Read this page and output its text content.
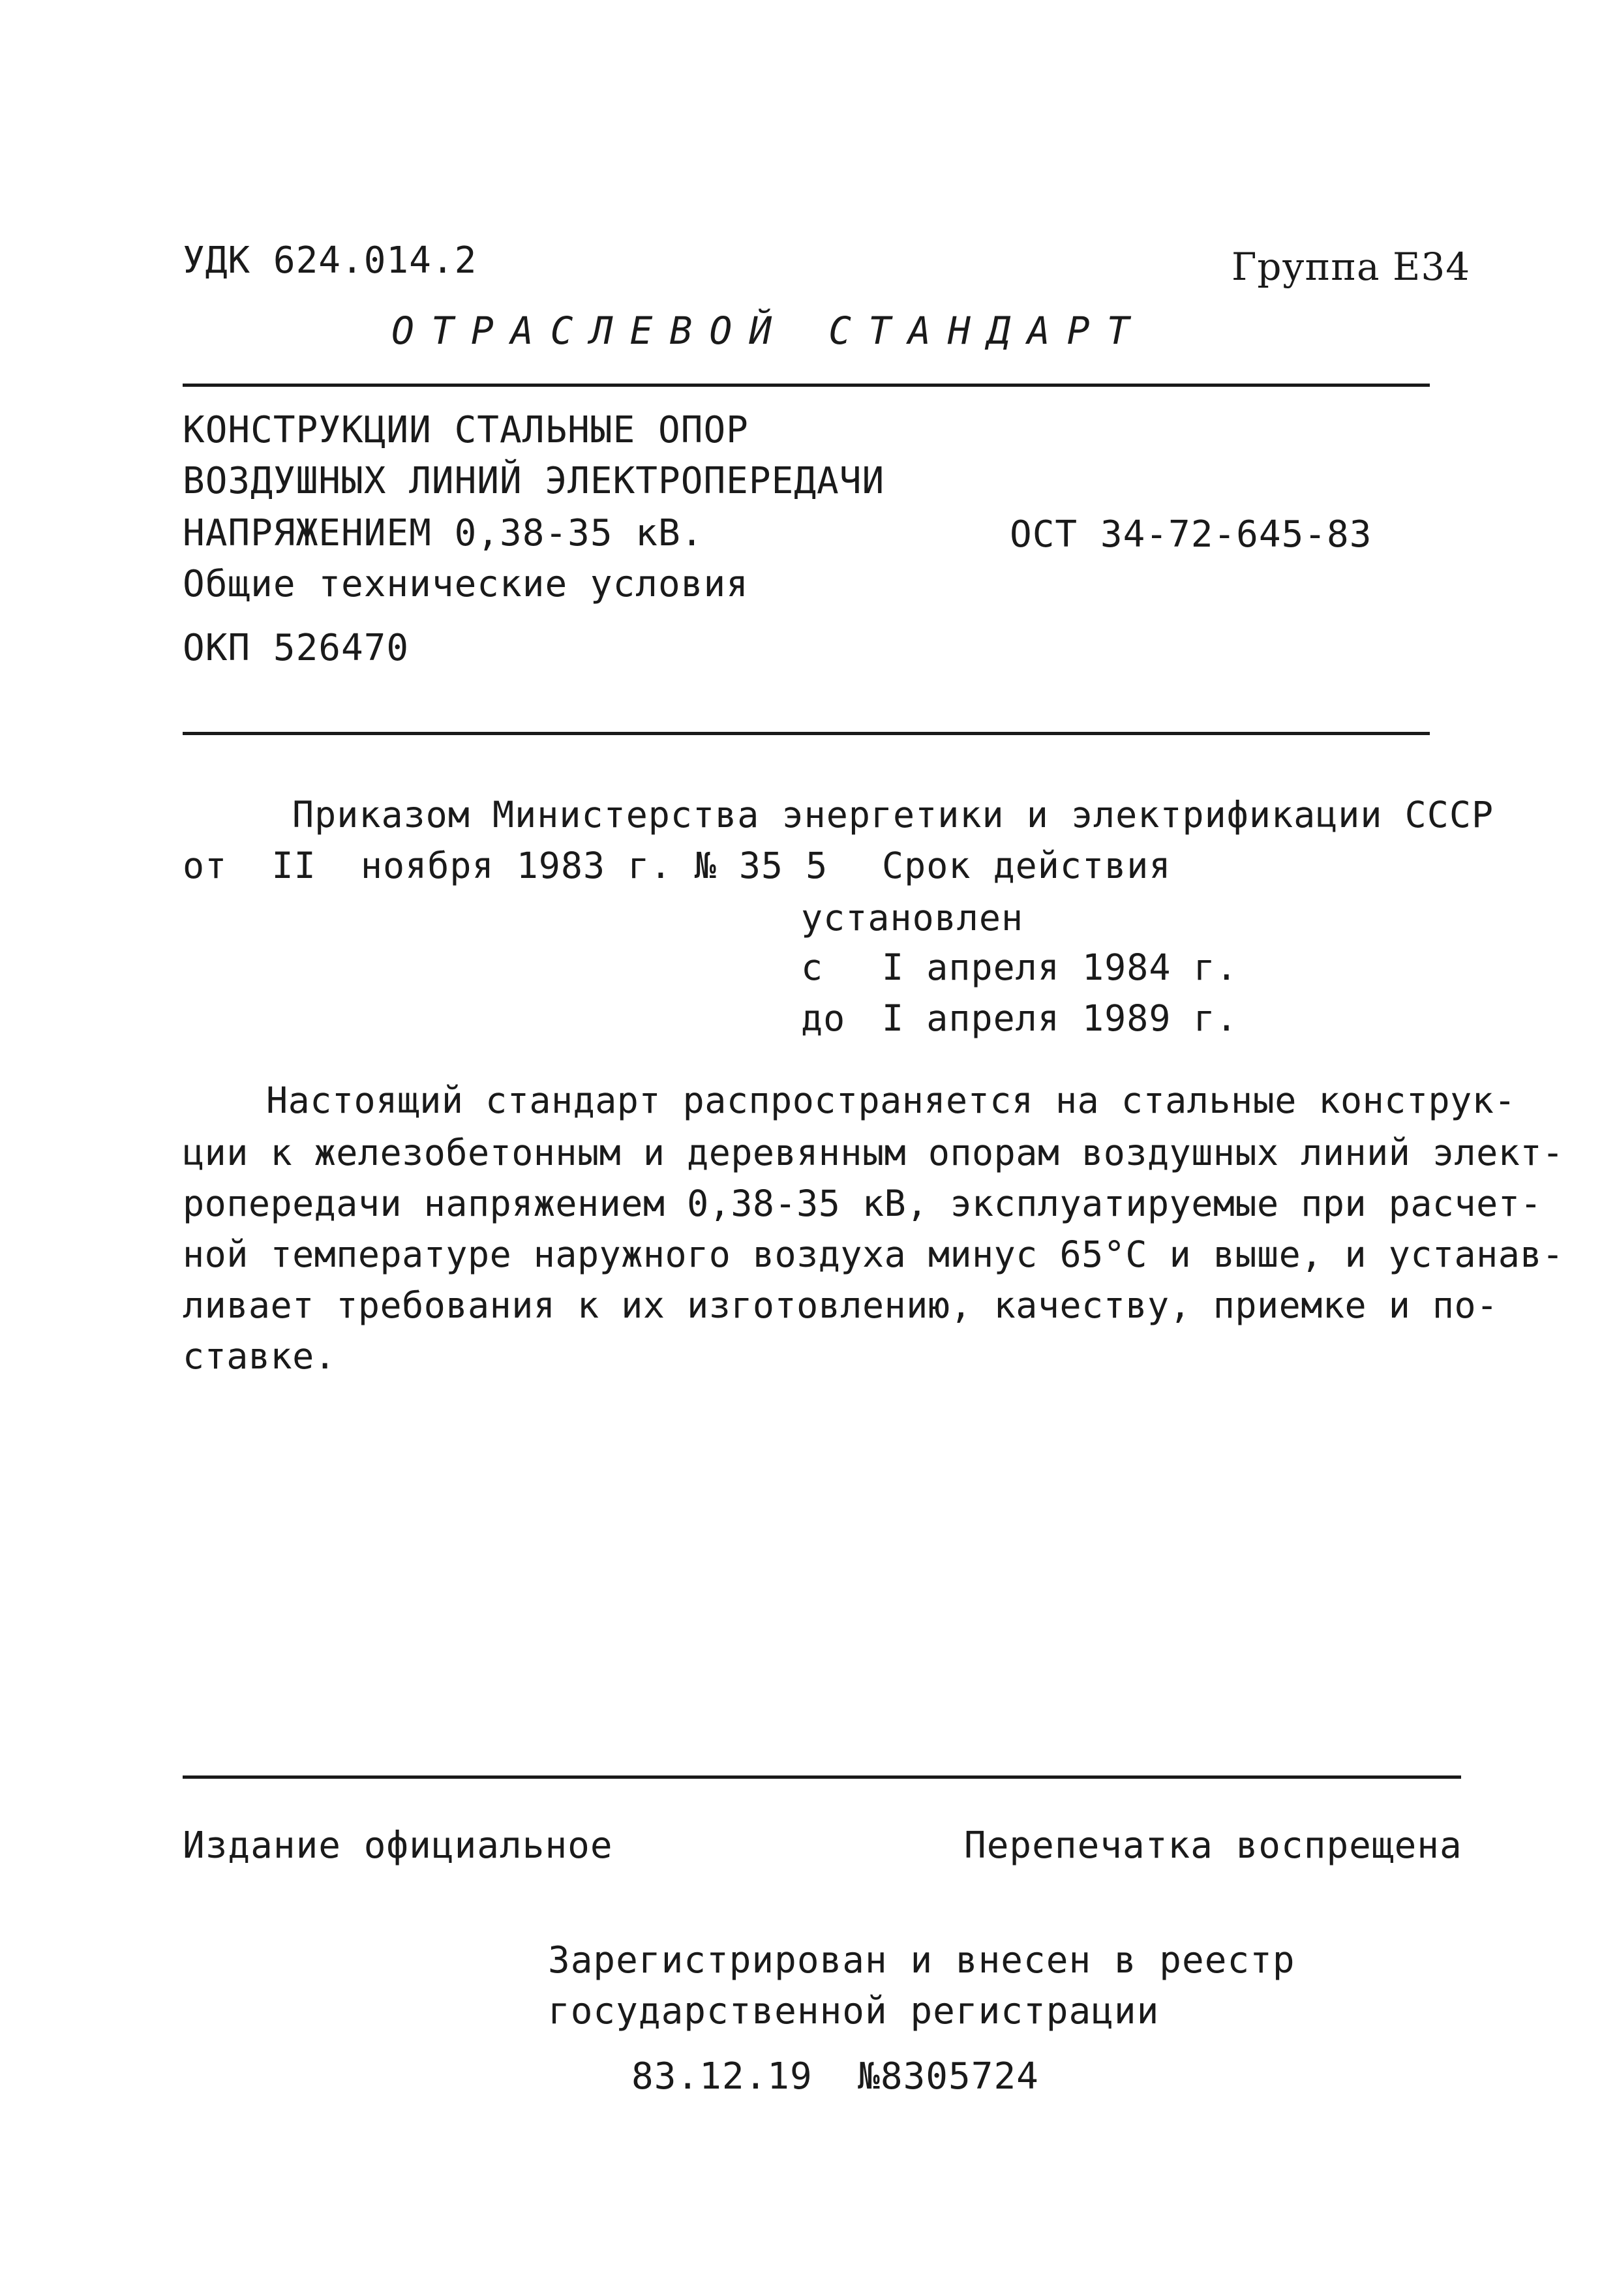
УДК 624.014.2	Группа Е34
ОТРАСЛЕВОЙ СТАНДАРТ
КОНСТРУКЦИИ СТАЛЬНЫЕ ОПОР
ВОЗДУШНЫХ ЛИНИЙ ЭЛЕКТРОПЕРЕДАЧИ
НАПРЯЖЕНИЕМ 0,38-35 кВ.	ОСТ 34-72-645-83
Общие технические условия
ОКП 526470
Приказом Министерства энергетики и электрификации СССР
от  II  ноября 1983 г. № 35 5 Срок действия
установлен
с I апреля 1984 г.
до I апреля 1989 г.
Настоящий стандарт распространяется на стальные конструк-
ции к железобетонным и деревянным опорам воздушных линий элект-
ропередачи напряжением 0,38-35 кВ, эксплуатируемые при расчет-
ной температуре наружного воздуха минус 65°С и выше, и устанав-
ливает требования к их изготовлению, качеству, приемке и по-
ставке.
Издание официальное	Перепечатка воспрещена
Зарегистрирован и внесен в реестр
государственной регистрации
83.12.19  №8305724
